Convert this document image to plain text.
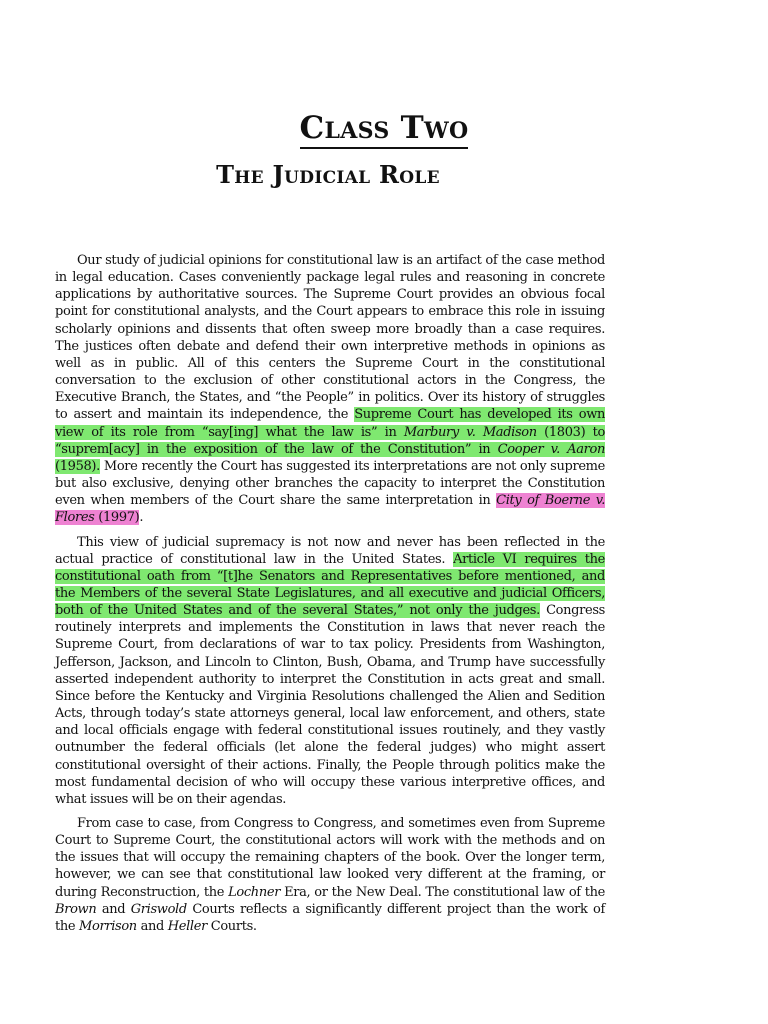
Class Two
The Judicial Role

Our study of judicial opinions for constitutional law is an artifact of the case method in legal education. Cases conveniently package legal rules and reasoning in concrete applications by authoritative sources. The Supreme Court provides an obvious focal point for constitutional analysts, and the Court appears to embrace this role in issuing scholarly opinions and dissents that often sweep more broadly than a case requires. The justices often debate and defend their own interpretive methods in opinions as well as in public. All of this centers the Supreme Court in the constitutional conversation to the exclusion of other constitutional actors in the Congress, the Executive Branch, the States, and “the People” in politics. Over its history of struggles to assert and maintain its independence, the Supreme Court has developed its own view of its role from “say[ing] what the law is” in Marbury v. Madison (1803) to “suprem[acy] in the exposition of the law of the Constitution” in Cooper v. Aaron (1958). More recently the Court has suggested its interpretations are not only supreme but also exclusive, denying other branches the capacity to interpret the Constitution even when members of the Court share the same interpretation in City of Boerne v. Flores (1997).

This view of judicial supremacy is not now and never has been reflected in the actual practice of constitutional law in the United States. Article VI requires the constitutional oath from “[t]he Senators and Representatives before mentioned, and the Members of the several State Legislatures, and all executive and judicial Officers, both of the United States and of the several States,” not only the judges. Congress routinely interprets and implements the Constitution in laws that never reach the Supreme Court, from declarations of war to tax policy. Presidents from Washington, Jefferson, Jackson, and Lincoln to Clinton, Bush, Obama, and Trump have successfully asserted independent authority to interpret the Constitution in acts great and small. Since before the Kentucky and Virginia Resolutions challenged the Alien and Sedition Acts, through today’s state attorneys general, local law enforcement, and others, state and local officials engage with federal constitutional issues routinely, and they vastly outnumber the federal officials (let alone the federal judges) who might assert constitutional oversight of their actions. Finally, the People through politics make the most fundamental decision of who will occupy these various interpretive offices, and what issues will be on their agendas.

From case to case, from Congress to Congress, and sometimes even from Supreme Court to Supreme Court, the constitutional actors will work with the methods and on the issues that will occupy the remaining chapters of the book. Over the longer term, however, we can see that constitutional law looked very different at the framing, or during Reconstruction, the Lochner Era, or the New Deal. The constitutional law of the Brown and Griswold Courts reflects a significantly different project than the work of the Morrison and Heller Courts.
